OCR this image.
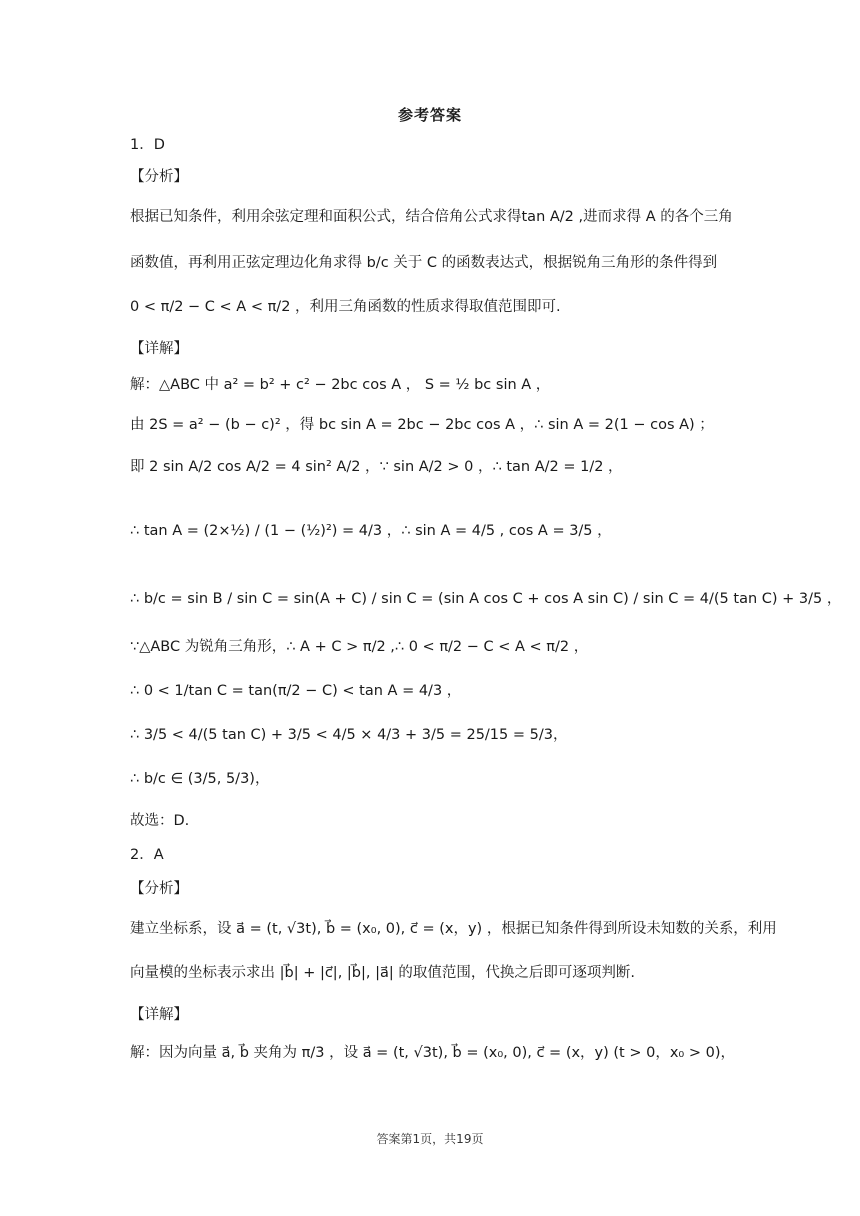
参考答案
1．D
【分析】
根据已知条件，利用余弦定理和面积公式，结合倍角公式求得tan A/2 ,进而求得 A 的各个三角
函数值，再利用正弦定理边化角求得 b/c 关于 C 的函数表达式，根据锐角三角形的条件得到
0 < π/2 − C < A < π/2 ，利用三角函数的性质求得取值范围即可.
【详解】
解：△ABC 中 a² = b² + c² − 2bc cos A ， S = ½ bc sin A ，
由 2S = a² − (b − c)² ，得 bc sin A = 2bc − 2bc cos A ，∴ sin A = 2(1 − cos A) ；
即 2 sin A/2 cos A/2 = 4 sin² A/2 ，∵ sin A/2 > 0 ，∴ tan A/2 = 1/2 ，
∴ tan A = (2×½) / (1 − (½)²) = 4/3 ，∴ sin A = 4/5 , cos A = 3/5 ，
∴ b/c = sin B / sin C = sin(A + C) / sin C = (sin A cos C + cos A sin C) / sin C = 4/(5 tan C) + 3/5 ，
∵△ABC 为锐角三角形，∴ A + C > π/2 ,∴ 0 < π/2 − C < A < π/2 ，
∴ 0 < 1/tan C = tan(π/2 − C) < tan A = 4/3 ，
∴ 3/5 < 4/(5 tan C) + 3/5 < 4/5 × 4/3 + 3/5 = 25/15 = 5/3，
∴ b/c ∈ (3/5, 5/3)，
故选：D.
2．A
【分析】
建立坐标系，设 a⃗ = (t, √3t), b⃗ = (x₀, 0), c⃗ = (x，y) ，根据已知条件得到所设未知数的关系，利用
向量模的坐标表示求出 |b⃗| + |c⃗|, |b⃗|, |a⃗| 的取值范围，代换之后即可逐项判断.
【详解】
解：因为向量 a⃗, b⃗ 夹角为 π/3 ，设 a⃗ = (t, √3t), b⃗ = (x₀, 0), c⃗ = (x，y) (t > 0，x₀ > 0)，
答案第1页，共19页
